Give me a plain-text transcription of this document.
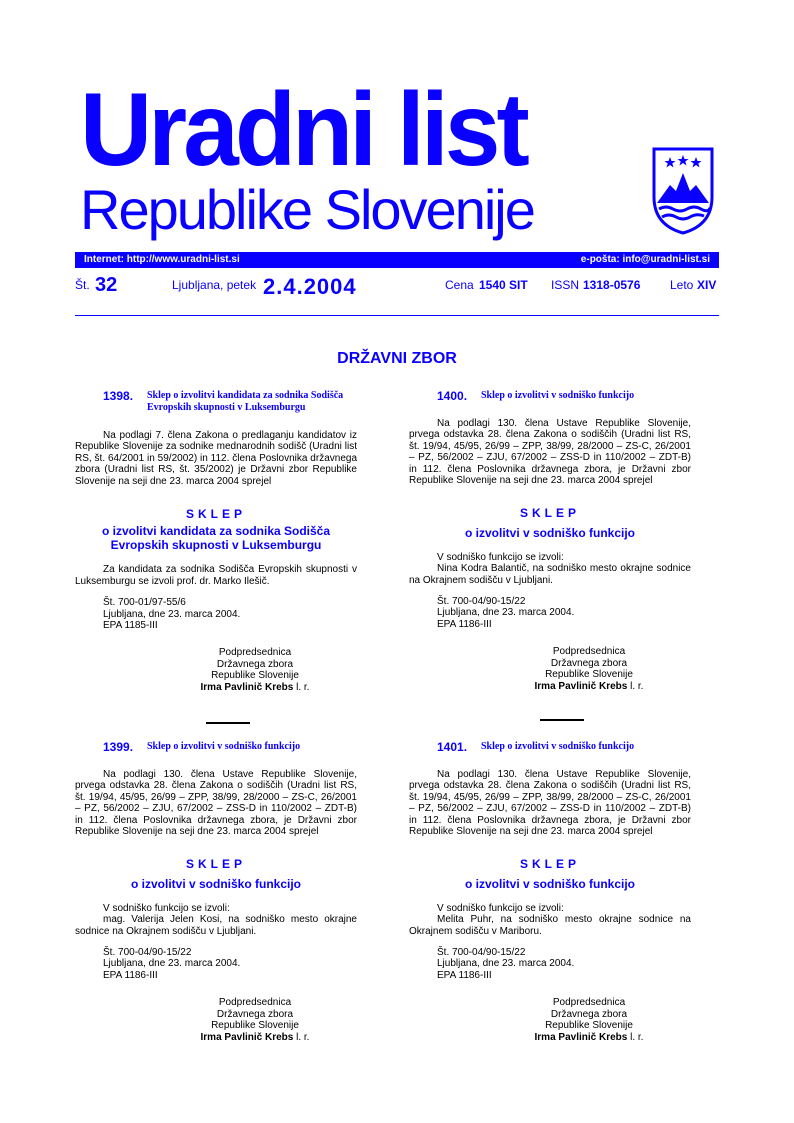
Uradni list
Republike Slovenije
Internet: http://www.uradni-list.si	e-pošta: info@uradni-list.si
Št. 32	Ljubljana, petek 2.4.2004	Cena 1540 SIT ISSN 1318-0576 Leto XIV
DRŽAVNI ZBOR
1398. Sklep o izvolitvi kandidata za sodnika Sodišča Evropskih skupnosti v Luksemburgu

Na podlagi 7. člena Zakona o predlaganju kandidatov iz Republike Slovenije za sodnike mednarodnih sodišč (Uradni list RS, št. 64/2001 in 59/2002) in 112. člena Poslovnika državnega zbora (Uradni list RS, št. 35/2002) je Državni zbor Republike Slovenije na seji dne 23. marca 2004 sprejel

SKLEP
o izvolitvi kandidata za sodnika Sodišča Evropskih skupnosti v Luksemburgu

Za kandidata za sodnika Sodišča Evropskih skupnosti v Luksemburgu se izvoli prof. dr. Marko Ilešič.

Št. 700-01/97-55/6

Ljubljana, dne 23. marca 2004.

EPA 1185-III

Podpredsednica
Državnega zbora
Republike Slovenije
Irma Pavlinič Krebs l. r.
1400. Sklep o izvolitvi v sodniško funkcijo

Na podlagi 130. člena Ustave Republike Slovenije, prvega odstavka 28. člena Zakona o sodiščih (Uradni list RS, št. 19/94, 45/95, 26/99 – ZPP, 38/99, 28/2000 – ZS-C, 26/2001 – PZ, 56/2002 – ZJU, 67/2002 – ZSS-D in 110/2002 – ZDT-B) in 112. člena Poslovnika državnega zbora, je Državni zbor Republike Slovenije na seji dne 23. marca 2004 sprejel

SKLEP
o izvolitvi v sodniško funkcijo

V sodniško funkcijo se izvoli:

Nina Kodra Balantič, na sodniško mesto okrajne sodnice na Okrajnem sodišču v Ljubljani.

Št. 700-04/90-15/22

Ljubljana, dne 23. marca 2004.

EPA 1186-III

Podpredsednica
Državnega zbora
Republike Slovenije
Irma Pavlinič Krebs l. r.
1399. Sklep o izvolitvi v sodniško funkcijo

Na podlagi 130. člena Ustave Republike Slovenije, prvega odstavka 28. člena Zakona o sodiščih (Uradni list RS, št. 19/94, 45/95, 26/99 – ZPP, 38/99, 28/2000 – ZS-C, 26/2001 – PZ, 56/2002 – ZJU, 67/2002 – ZSS-D in 110/2002 – ZDT-B) in 112. člena Poslovnika državnega zbora, je Državni zbor Republike Slovenije na seji dne 23. marca 2004 sprejel

SKLEP
o izvolitvi v sodniško funkcijo

V sodniško funkcijo se izvoli:

mag. Valerija Jelen Kosi, na sodniško mesto okrajne sodnice na Okrajnem sodišču v Ljubljani.

Št. 700-04/90-15/22

Ljubljana, dne 23. marca 2004.

EPA 1186-III

Podpredsednica
Državnega zbora
Republike Slovenije
Irma Pavlinič Krebs l. r.
1401. Sklep o izvolitvi v sodniško funkcijo

Na podlagi 130. člena Ustave Republike Slovenije, prvega odstavka 28. člena Zakona o sodiščih (Uradni list RS, št. 19/94, 45/95, 26/99 – ZPP, 38/99, 28/2000 – ZS-C, 26/2001 – PZ, 56/2002 – ZJU, 67/2002 – ZSS-D in 110/2002 – ZDT-B) in 112. člena Poslovnika državnega zbora, je Državni zbor Republike Slovenije na seji dne 23. marca 2004 sprejel

SKLEP
o izvolitvi v sodniško funkcijo

V sodniško funkcijo se izvoli:

Melita Puhr, na sodniško mesto okrajne sodnice na Okrajnem sodišču v Mariboru.

Št. 700-04/90-15/22

Ljubljana, dne 23. marca 2004.

EPA 1186-III

Podpredsednica
Državnega zbora
Republike Slovenije
Irma Pavlinič Krebs l. r.
